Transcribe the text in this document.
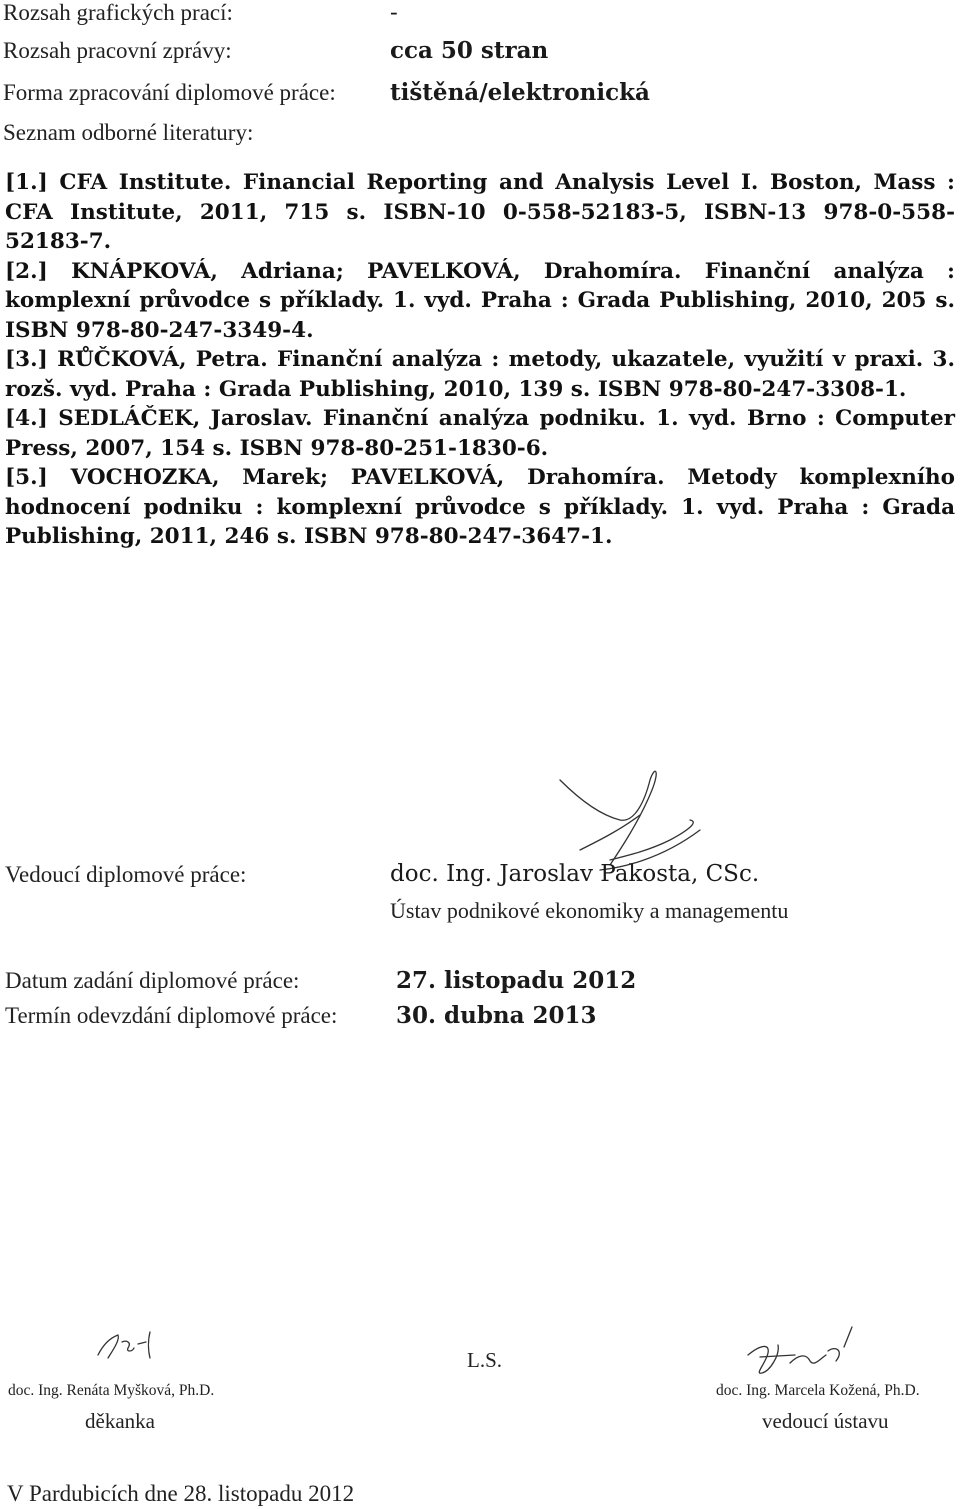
Rozsah grafických prací:	-
Rozsah pracovní zprávy:	cca 50 stran
Forma zpracování diplomové práce: tištěná/elektronická
Seznam odborné literatury:

[1.] CFA Institute. Financial Reporting and Analysis Level I. Boston, Mass : CFA Institute, 2011, 715 s. ISBN-10 0-558-52183-5, ISBN-13 978-0-558-52183-7.

[2.] KNÁPKOVÁ, Adriana; PAVELKOVÁ, Drahomíra. Finanční analýza : komplexní průvodce s příklady. 1. vyd. Praha : Grada Publishing, 2010, 205 s. ISBN 978-80-247-3349-4.

[3.] RŮČKOVÁ, Petra. Finanční analýza : metody, ukazatele, využití v praxi. 3. rozš. vyd. Praha : Grada Publishing, 2010, 139 s. ISBN 978-80-247-3308-1.

[4.] SEDLÁČEK, Jaroslav. Finanční analýza podniku. 1. vyd. Brno : Computer Press, 2007, 154 s. ISBN 978-80-251-1830-6.

[5.] VOCHOZKA, Marek; PAVELKOVÁ, Drahomíra. Metody komplexního hodnocení podniku : komplexní průvodce s příklady. 1. vyd. Praha : Grada Publishing, 2011, 246 s. ISBN 978-80-247-3647-1.

Vedoucí diplomové práce:	doc. Ing. Jaroslav Pakosta, CSc.
Ústav podnikové ekonomiky a managementu
Datum zadání diplomové práce:	27. listopadu 2012
Termín odevzdání diplomové práce:	30. dubna 2013
doc. Ing. Renáta Myšková, Ph.D.
děkanka
L.S.
doc. Ing. Marcela Kožená, Ph.D.
vedoucí ústavu
V Pardubicích dne 28. listopadu 2012
